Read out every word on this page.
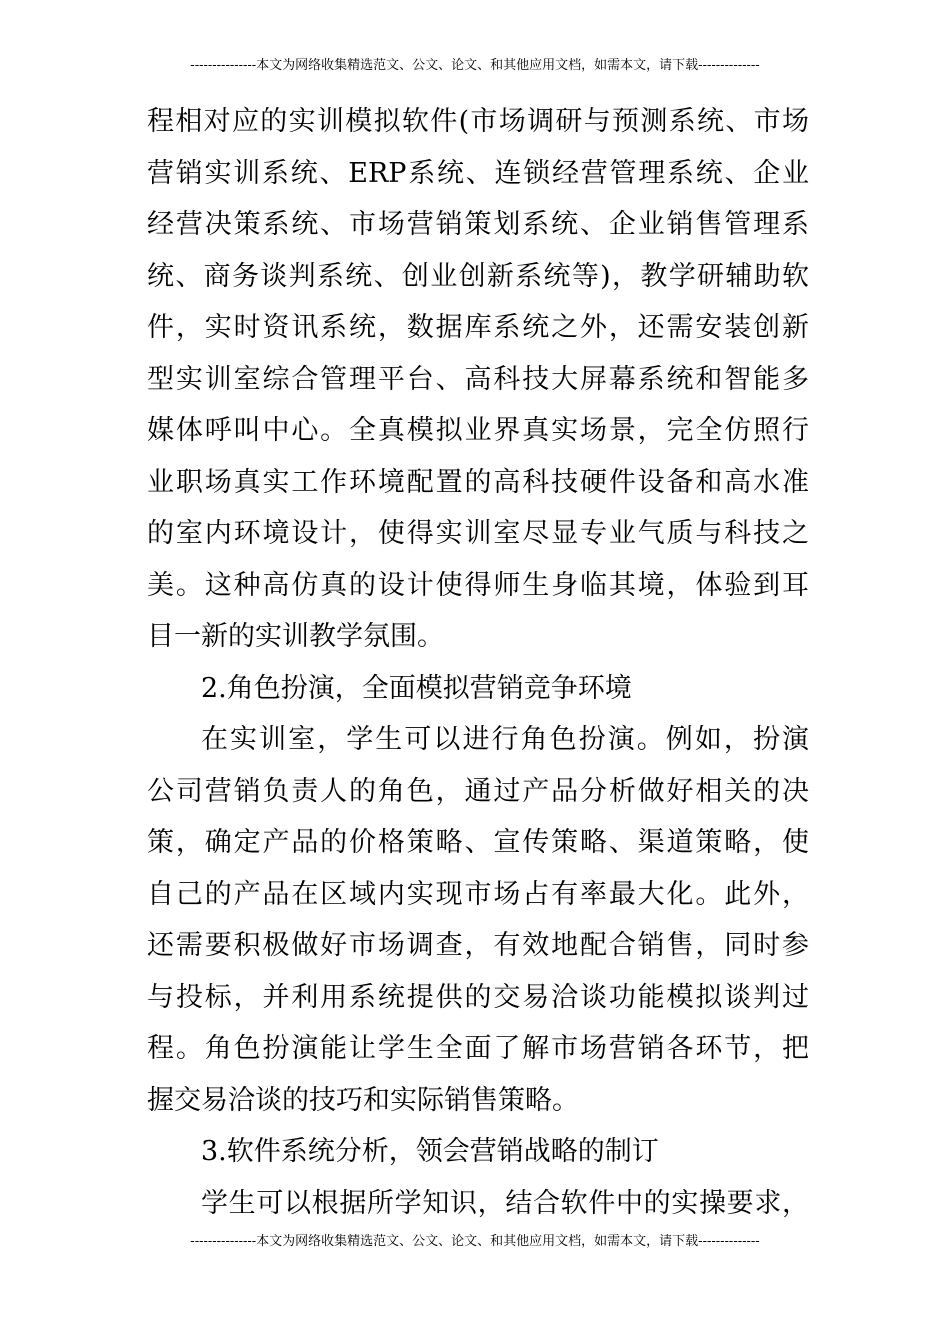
---------------本文为网络收集精选范文、公文、论文、和其他应用文档，如需本文，请下载--------------

程相对应的实训模拟软件(市场调研与预测系统、市场
营销实训系统、ERP系统、连锁经营管理系统、企业
经营决策系统、市场营销策划系统、企业销售管理系
统、商务谈判系统、创业创新系统等)，教学研辅助软
件，实时资讯系统，数据库系统之外，还需安装创新
型实训室综合管理平台、高科技大屏幕系统和智能多
媒体呼叫中心。全真模拟业界真实场景，完全仿照行
业职场真实工作环境配置的高科技硬件设备和高水准
的室内环境设计，使得实训室尽显专业气质与科技之
美。这种高仿真的设计使得师生身临其境，体验到耳
目一新的实训教学氛围。

2.角色扮演，全面模拟营销竞争环境

在实训室，学生可以进行角色扮演。例如，扮演
公司营销负责人的角色，通过产品分析做好相关的决
策，确定产品的价格策略、宣传策略、渠道策略，使
自己的产品在区域内实现市场占有率最大化。此外，
还需要积极做好市场调查，有效地配合销售，同时参
与投标，并利用系统提供的交易洽谈功能模拟谈判过
程。角色扮演能让学生全面了解市场营销各环节，把
握交易洽谈的技巧和实际销售策略。

3.软件系统分析，领会营销战略的制订

学生可以根据所学知识，结合软件中的实操要求，

---------------本文为网络收集精选范文、公文、论文、和其他应用文档，如需本文，请下载--------------
